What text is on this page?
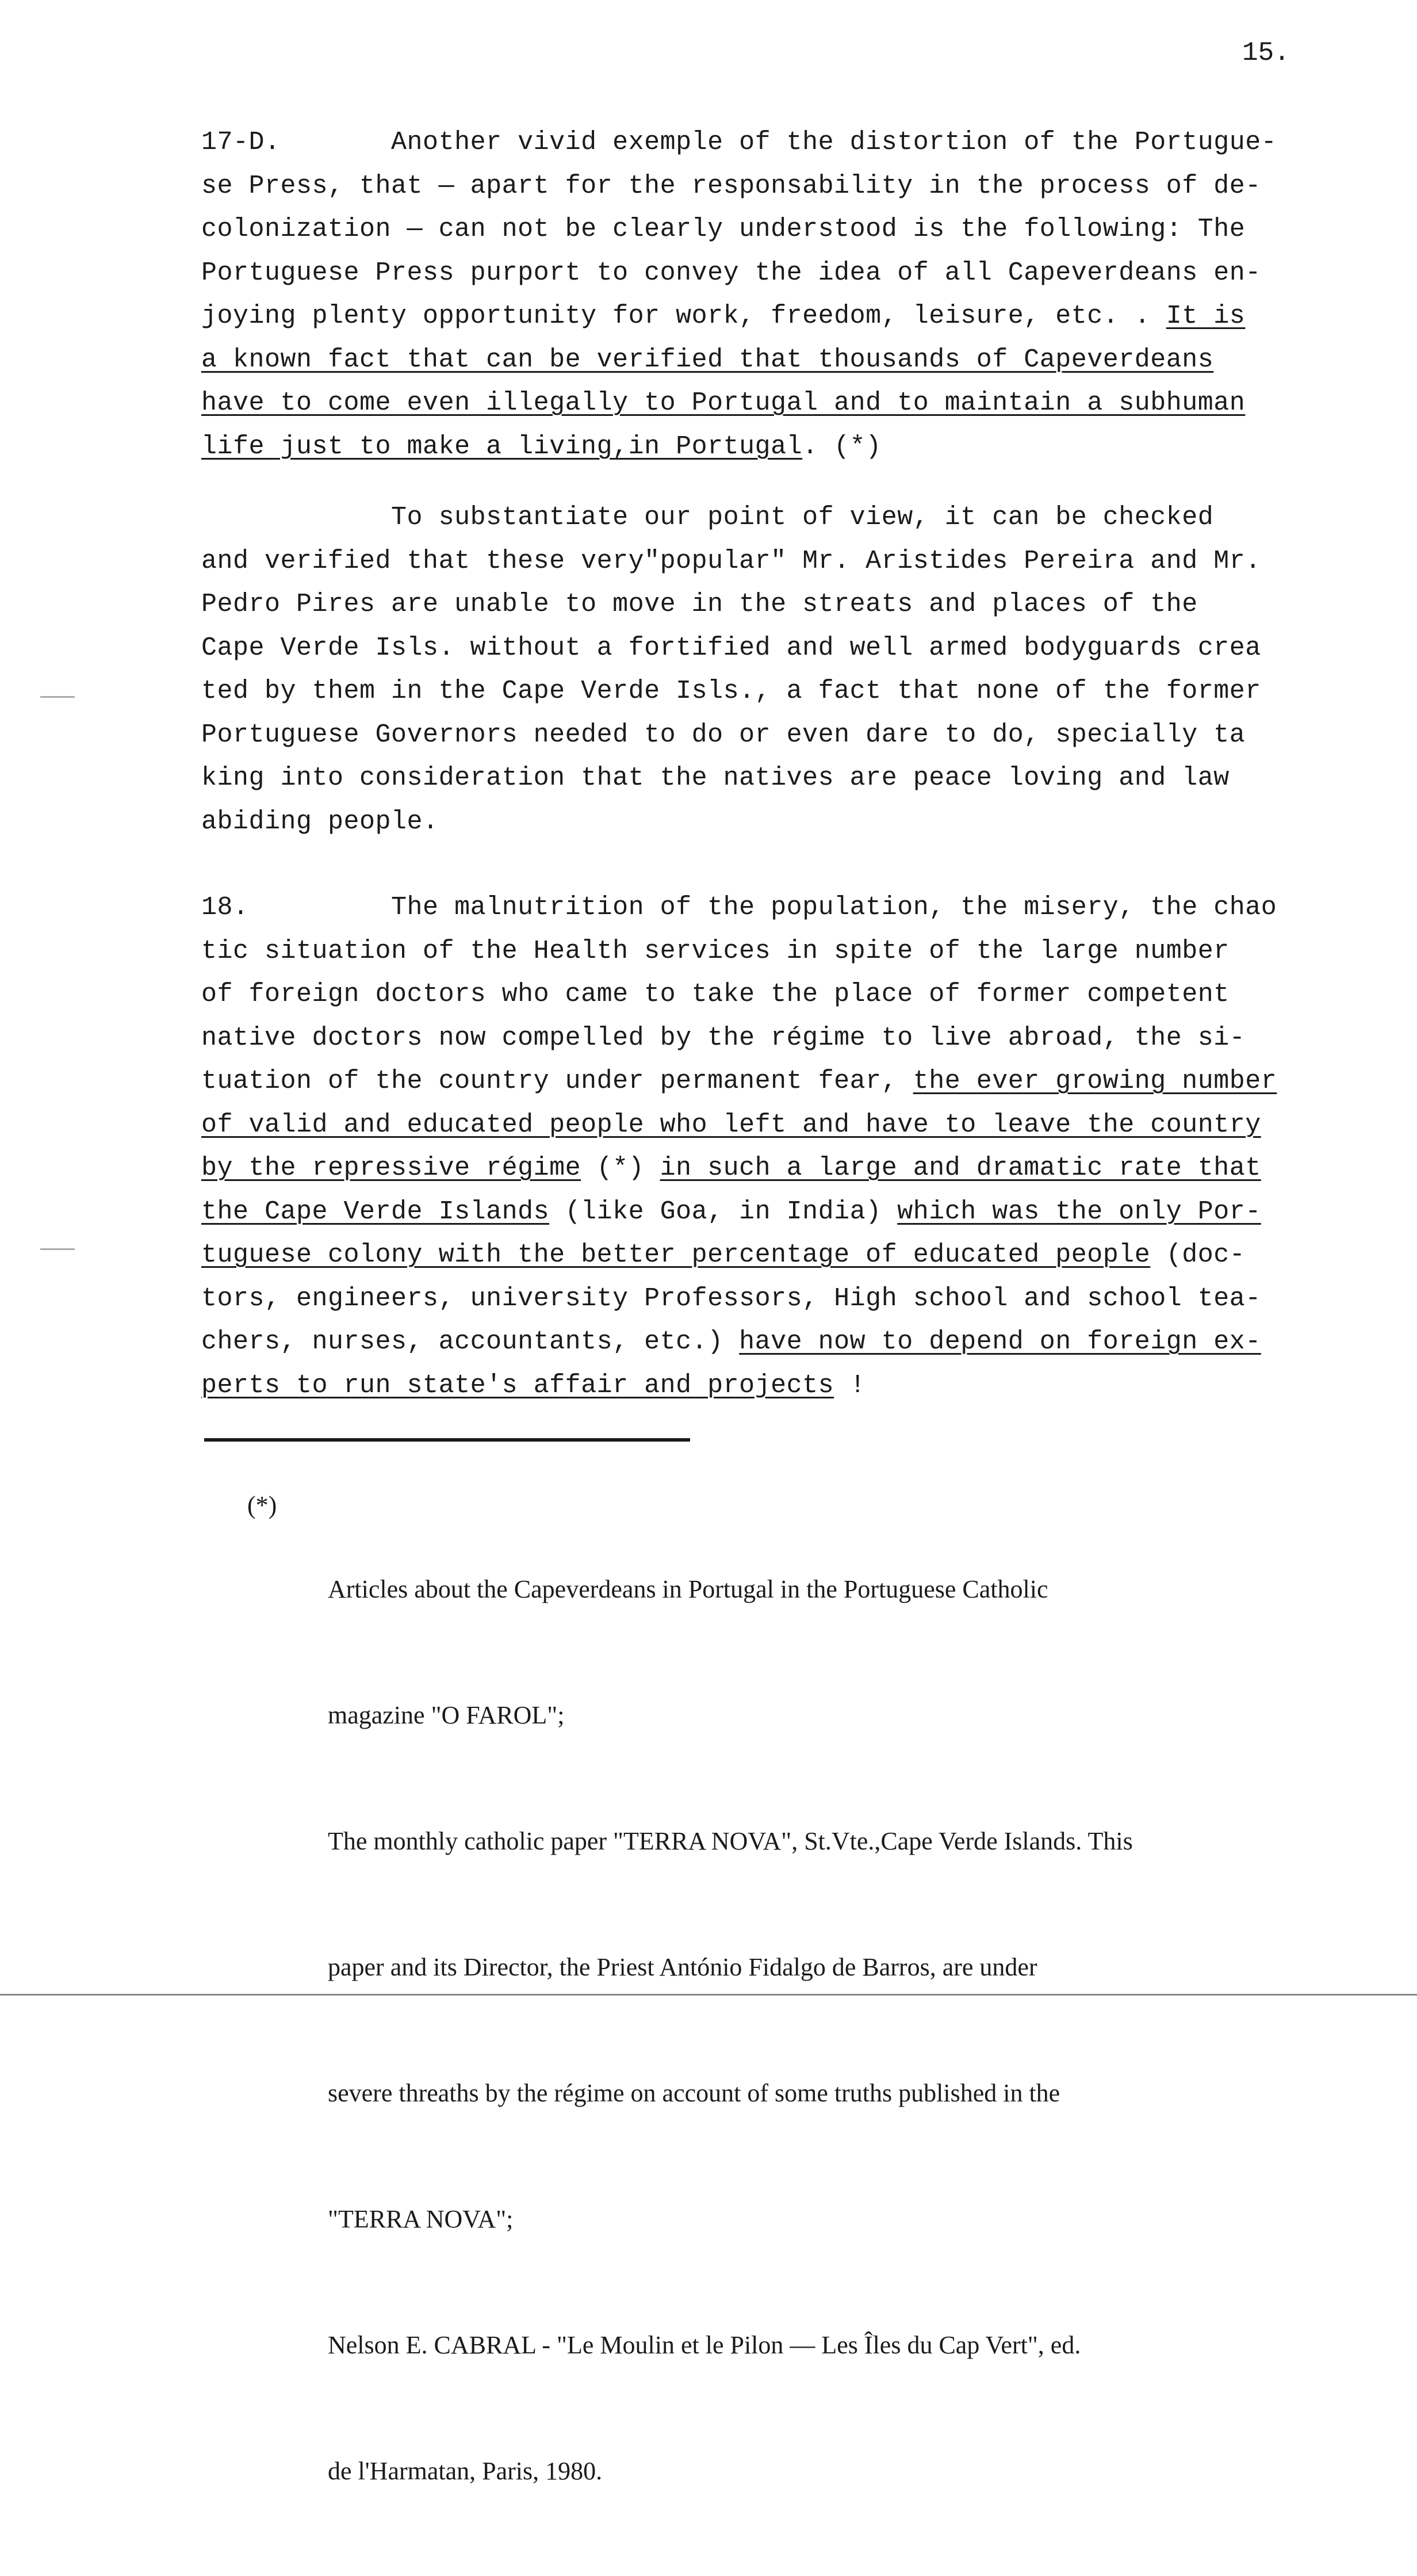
15.
17-D.       Another vivid exemple of the distortion of the Portugue-
se Press, that — apart for the responsability in the process of de-
colonization — can not be clearly understood is the following: The
Portuguese Press purport to convey the idea of all Capeverdeans en-
joying plenty opportunity for work, freedom, leisure, etc. . It is
a known fact that can be verified that thousands of Capeverdeans
have to come even illegally to Portugal and to maintain a subhuman
life just to make a living,in Portugal. (*)
To substantiate our point of view, it can be checked
and verified that these very"popular" Mr. Aristides Pereira and Mr.
Pedro Pires are unable to move in the streats and places of the
Cape Verde Isls. without a fortified and well armed bodyguards crea
ted by them in the Cape Verde Isls., a fact that none of the former
Portuguese Governors needed to do or even dare to do, specially ta
king into consideration that the natives are peace loving and law
abiding people.
18.         The malnutrition of the population, the misery, the chao
tic situation of the Health services in spite of the large number
of foreign doctors who came to take the place of former competent
native doctors now compelled by the régime to live abroad, the si-
tuation of the country under permanent fear, the ever growing number
of valid and educated people who left and have to leave the country
by the repressive régime (*) in such a large and dramatic rate that
the Cape Verde Islands (like Goa, in India) which was the only Por-
tuguese colony with the better percentage of educated people (doc-
tors, engineers, university Professors, High school and school tea-
chers, nurses, accountants, etc.) have now to depend on foreign ex-
perts to run state's affair and projects !

(*)

Articles about the Capeverdeans in Portugal in the Portuguese Catholic

magazine "O FAROL";

The monthly catholic paper "TERRA NOVA", St.Vte.,Cape Verde Islands. This

paper and its Director, the Priest António Fidalgo de Barros, are under

severe threaths by the régime on account of some truths published in the

"TERRA NOVA";

Nelson E. CABRAL - "Le Moulin et le Pilon — Les Îles du Cap Vert", ed.

de l'Harmatan, Paris, 1980.
